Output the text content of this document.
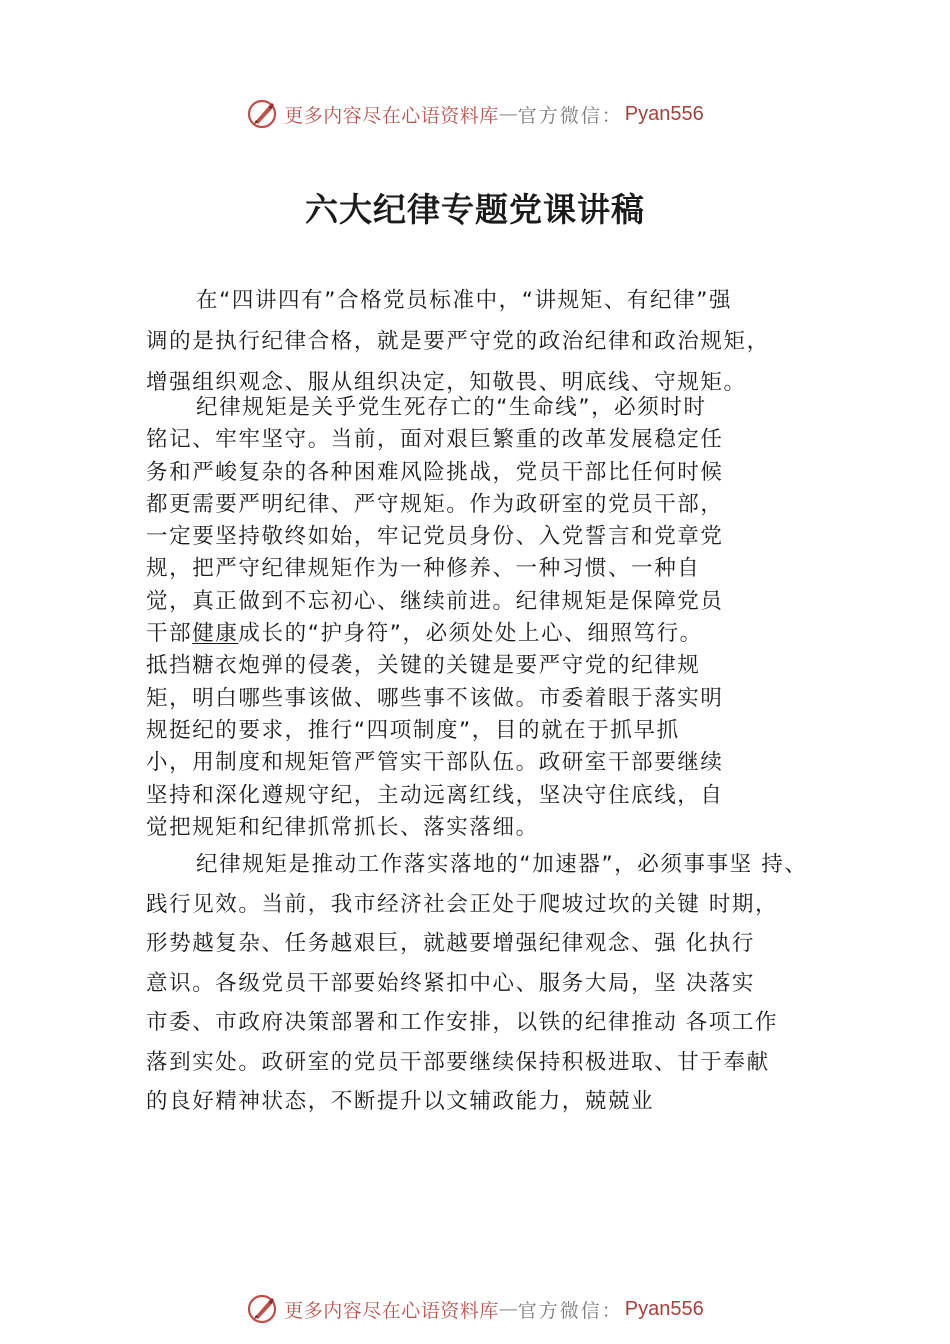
更多内容尽在心语资料库 — 官方微信： Pyan556
六大纪律专题党课讲稿
在“四讲四有”合格党员标准中，“讲规矩、有纪律”强
调的是执行纪律合格，就是要严守党的政治纪律和政治规矩，
增强组织观念、服从组织决定，知敬畏、明底线、守规矩。
纪律规矩是关乎党生死存亡的“生命线”，必须时时
铭记、牢牢坚守。当前，面对艰巨繁重的改革发展稳定任
务和严峻复杂的各种困难风险挑战，党员干部比任何时候
都更需要严明纪律、严守规矩。作为政研室的党员干部，
一定要坚持敬终如始，牢记党员身份、入党誓言和党章党
规，把严守纪律规矩作为一种修养、一种习惯、一种自
觉，真正做到不忘初心、继续前进。纪律规矩是保障党员
干部健康成长的“护身符”，必须处处上心、细照笃行。
抵挡糖衣炮弹的侵袭，关键的关键是要严守党的纪律规
矩，明白哪些事该做、哪些事不该做。市委着眼于落实明
规挺纪的要求，推行“四项制度”，目的就在于抓早抓
小，用制度和规矩管严管实干部队伍。政研室干部要继续
坚持和深化遵规守纪，主动远离红线，坚决守住底线，自
觉把规矩和纪律抓常抓长、落实落细。
纪律规矩是推动工作落实落地的“加速器”，必须事事坚 持、
践行见效。当前，我市经济社会正处于爬坡过坎的关键 时期，
形势越复杂、任务越艰巨，就越要增强纪律观念、强 化执行
意识。各级党员干部要始终紧扣中心、服务大局，坚 决落实
市委、市政府决策部署和工作安排，以铁的纪律推动 各项工作
落到实处。政研室的党员干部要继续保持积极进取、甘于奉献
的良好精神状态，不断提升以文辅政能力，兢兢业
更多内容尽在心语资料库 — 官方微信： Pyan556
